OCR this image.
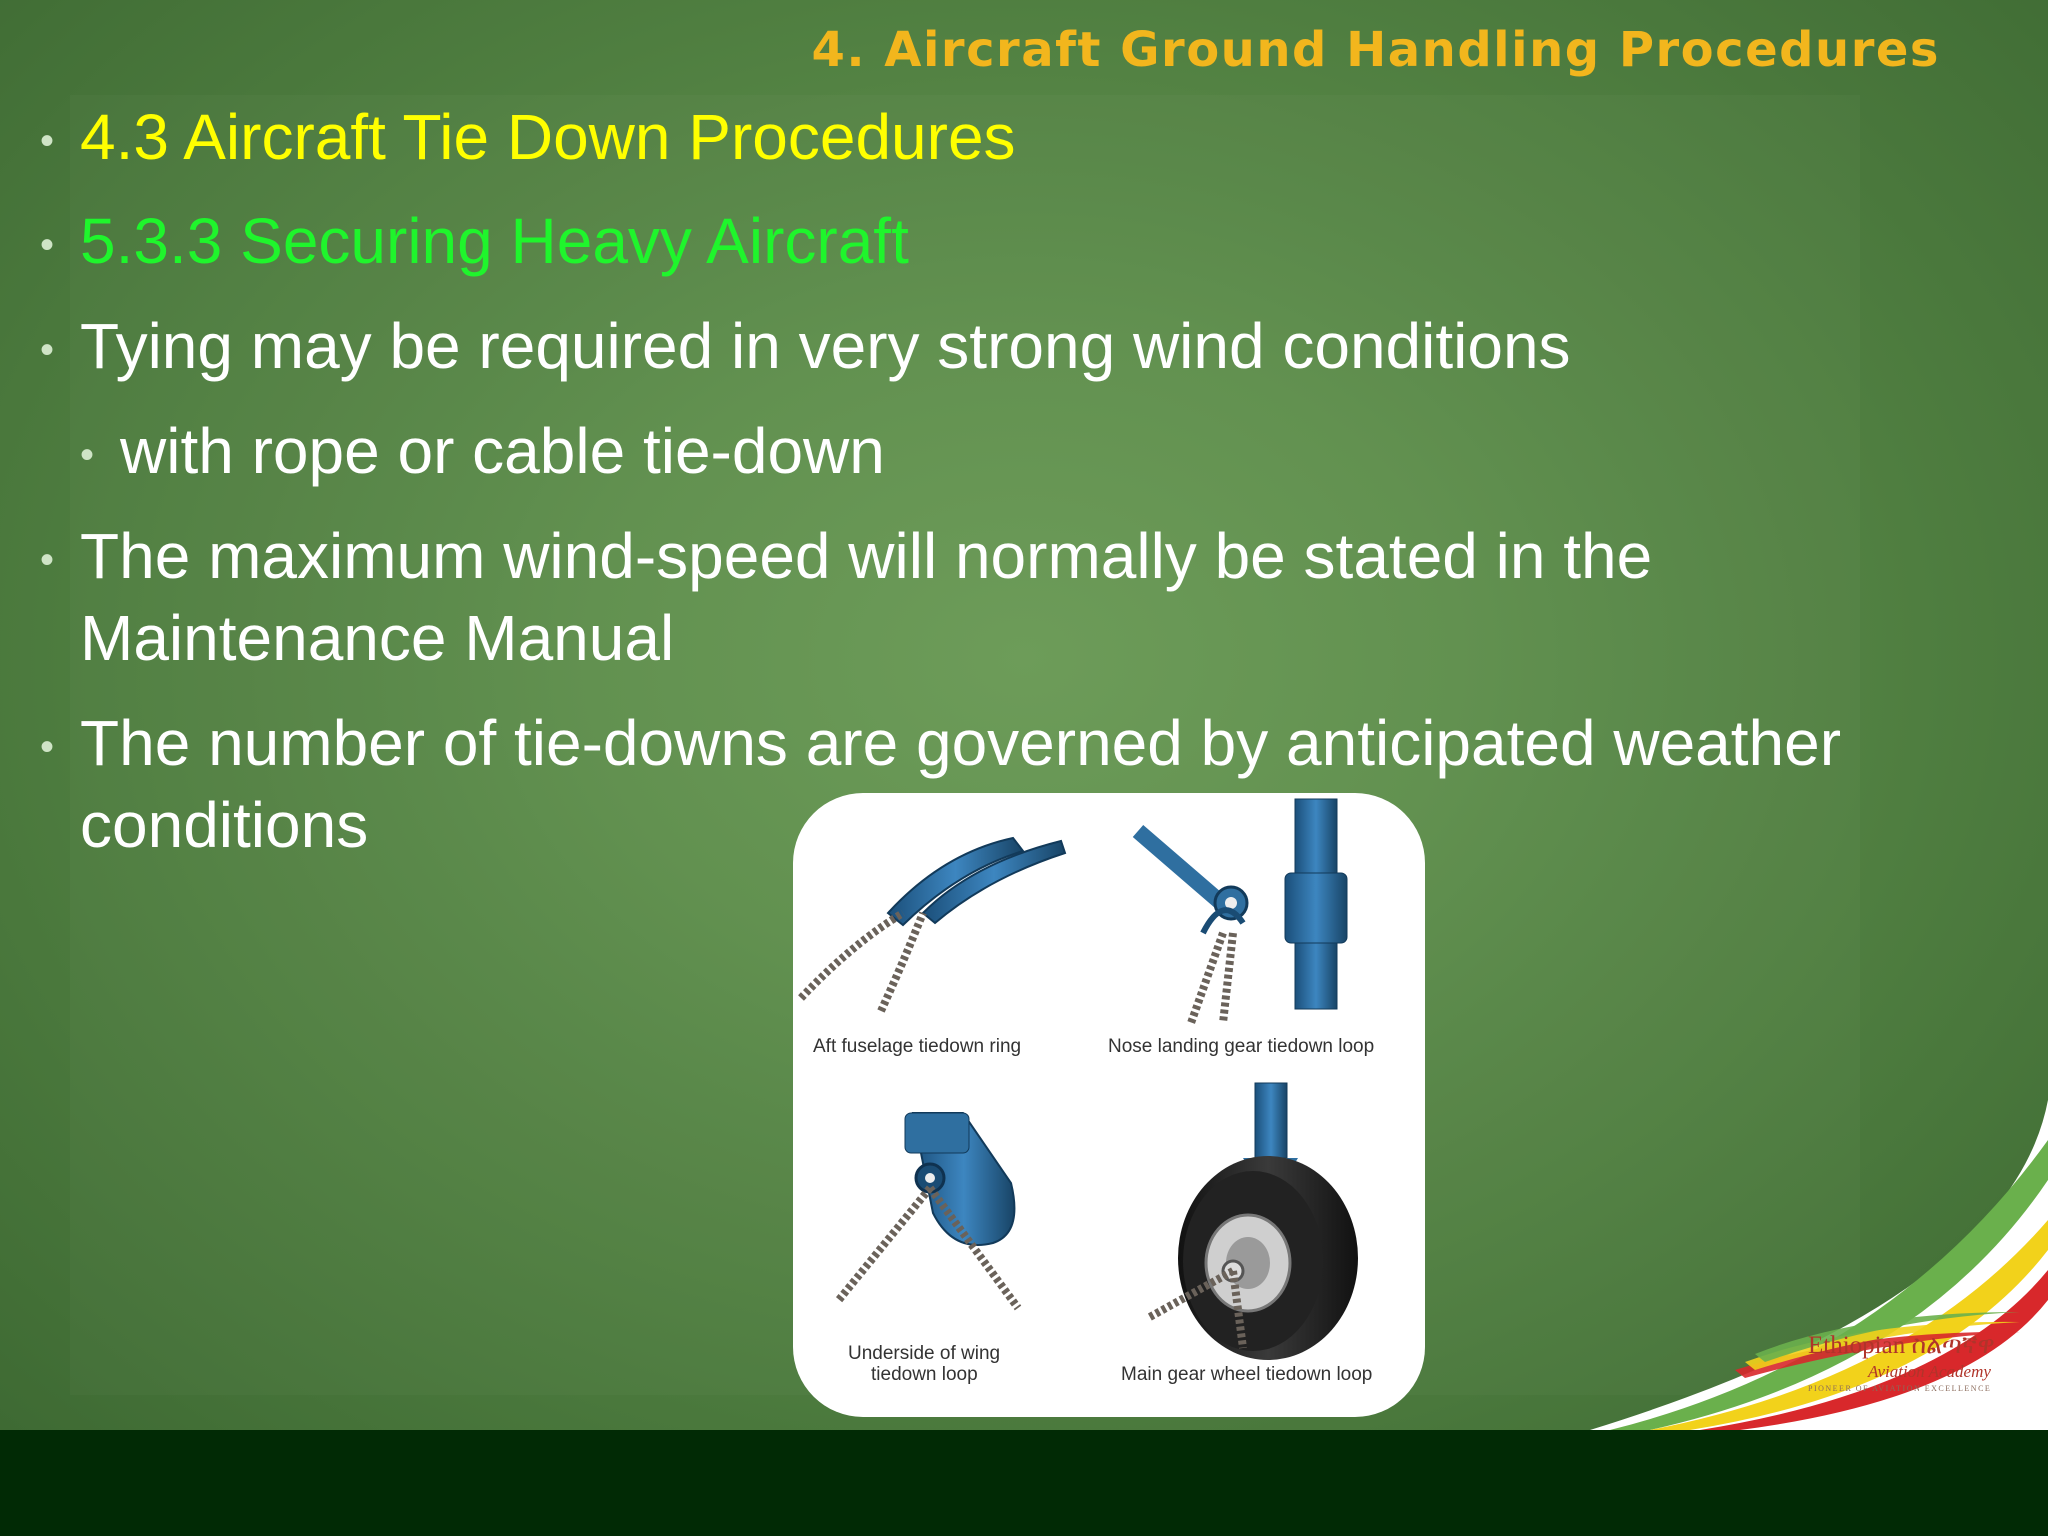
4. Aircraft Ground Handling Procedures
• 4.3 Aircraft Tie Down Procedures
• 5.3.3 Securing Heavy Aircraft
• Tying may be required in very strong wind conditions
• with rope or cable tie-down
• The maximum wind-speed will normally be stated in the Maintenance Manual
• The number of tie-downs are governed by anticipated weather conditions
Aft fuselage tiedown ring	Nose landing gear tiedown loop
Underside of wing
tiedown loop	Main gear wheel tiedown loop
Ethiopian ስልጣኛዋ
Aviation Academy
PIONEER OF AVIATION EXCELLENCE
